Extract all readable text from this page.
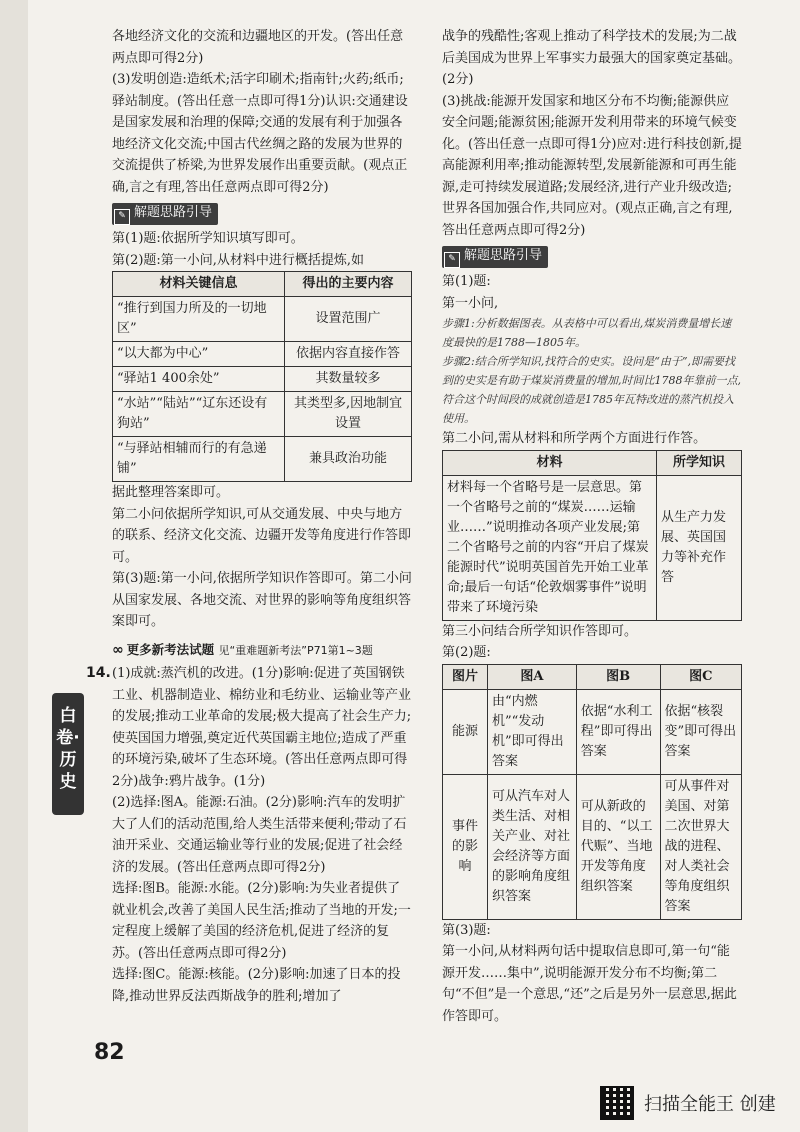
各地经济文化的交流和边疆地区的开发。(答出任意两点即可得2分)

(3)发明创造:造纸术;活字印刷术;指南针;火药;纸币;驿站制度。(答出任意一点即可得1分)认识:交通建设是国家发展和治理的保障;交通的发展有利于加强各地经济文化交流;中国古代丝绸之路的发展为世界的交流提供了桥梁,为世界发展作出重要贡献。(观点正确,言之有理,答出任意两点即可得2分)

✎ 解题思路引导

第(1)题:依据所学知识填写即可。

第(2)题:第一小问,从材料中进行概括提炼,如

材料关键信息	得出的主要内容
“推行到国力所及的一切地区”	设置范围广
“以大都为中心”	依据内容直接作答
“驿站1 400余处”	其数量较多
“水站”“陆站”“辽东还设有狗站”	其类型多,因地制宜设置
“与驿站相辅而行的有急递铺”	兼具政治功能

据此整理答案即可。

第二小问依据所学知识,可从交通发展、中央与地方的联系、经济文化交流、边疆开发等角度进行作答即可。

第(3)题:第一小问,依据所学知识作答即可。第二小问从国家发展、各地交流、对世界的影响等角度组织答案即可。

∞ 更多新考法试题 见“重难题新考法”P71第1~3题
14. (1)成就:蒸汽机的改进。(1分)影响:促进了英国钢铁工业、机器制造业、棉纺业和毛纺业、运输业等产业的发展;推动工业革命的发展;极大提高了社会生产力;使英国国力增强,奠定近代英国霸主地位;造成了严重的环境污染,破坏了生态环境。(答出任意两点即可得2分)战争:鸦片战争。(1分)

(2)选择:图A。能源:石油。(2分)影响:汽车的发明扩大了人们的活动范围,给人类生活带来便利;带动了石油开采业、交通运输业等行业的发展;促进了社会经济的发展。(答出任意两点即可得2分)

选择:图B。能源:水能。(2分)影响:为失业者提供了就业机会,改善了美国人民生活;推动了当地的开发;一定程度上缓解了美国的经济危机,促进了经济的复苏。(答出任意两点即可得2分)

选择:图C。能源:核能。(2分)影响:加速了日本的投降,推动世界反法西斯战争的胜利;增加了

战争的残酷性;客观上推动了科学技术的发展;为二战后美国成为世界上军事实力最强大的国家奠定基础。(2分)

(3)挑战:能源开发国家和地区分布不均衡;能源供应安全问题;能源贫困;能源开发利用带来的环境气候变化。(答出任意一点即可得1分)应对:进行科技创新,提高能源利用率;推动能源转型,发展新能源和可再生能源,走可持续发展道路;发展经济,进行产业升级改造;世界各国加强合作,共同应对。(观点正确,言之有理,答出任意两点即可得2分)

✎ 解题思路引导

第(1)题:

第一小问,

步骤1:分析数据图表。从表格中可以看出,煤炭消费量增长速度最快的是1788—1805年。

步骤2:结合所学知识,找符合的史实。设问是“由于”,即需要找到的史实是有助于煤炭消费量的增加,时间比1788年靠前一点,符合这个时间段的成就创造是1785年瓦特改进的蒸汽机投入使用。

第二小问,需从材料和所学两个方面进行作答。

材料	所学知识
材料每一个省略号是一层意思。第一个省略号之前的“煤炭……运输业……”说明推动各项产业发展;第二个省略号之前的内容“开启了煤炭能源时代”说明英国首先开始工业革命;最后一句话“伦敦烟雾事件”说明带来了环境污染	从生产力发展、英国国力等补充作答

第三小问结合所学知识作答即可。

第(2)题:

图片	图A	图B	图C
能源	由“内燃机”“发动机”即可得出答案	依据“水利工程”即可得出答案	依据“核裂变”即可得出答案
事件的影响	可从汽车对人类生活、对相关产业、对社会经济等方面的影响角度组织答案	可从新政的目的、“以工代赈”、当地开发等角度组织答案	可从事件对美国、对第二次世界大战的进程、对人类社会等角度组织答案

第(3)题:

第一小问,从材料两句话中提取信息即可,第一句“能源开发……集中”,说明能源开发分布不均衡;第二句“不但”是一个意思,“还”之后是另外一层意思,据此作答即可。

白卷·历史
82
扫描全能王 创建
